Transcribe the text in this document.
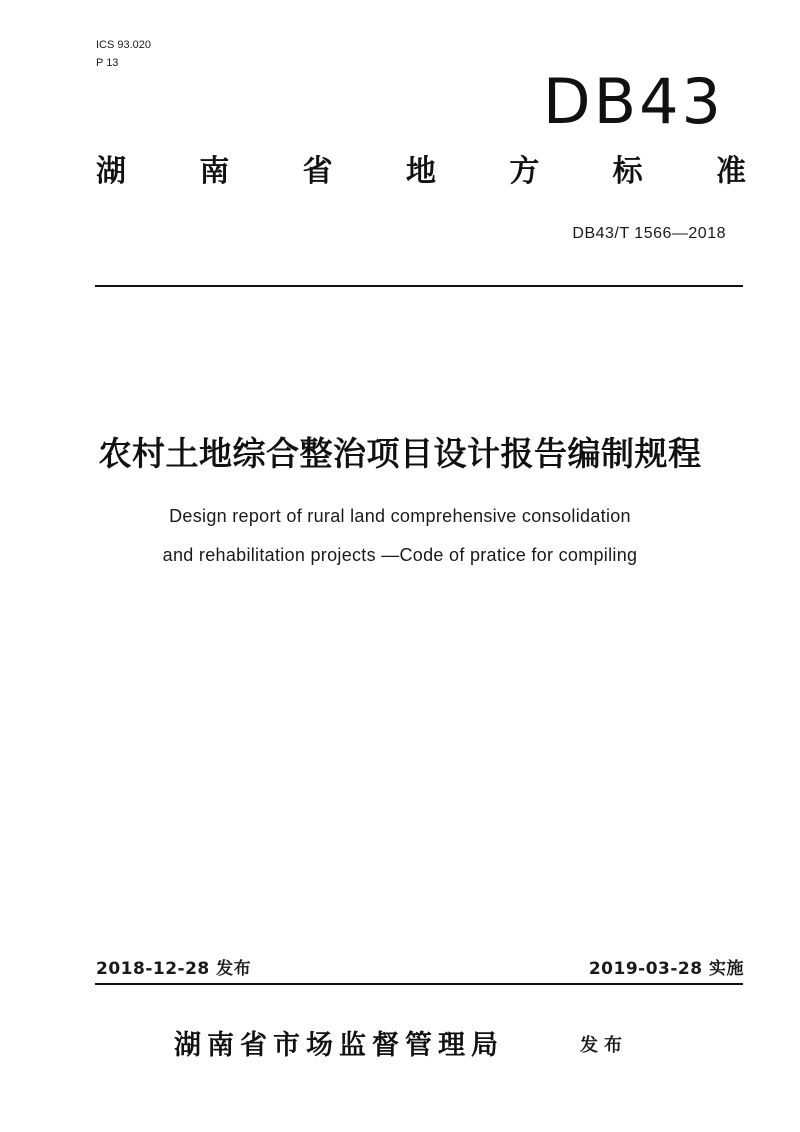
ICS 93.020
P 13
DB43
湖 南 省 地 方 标 准
DB43/T 1566—2018
农村土地综合整治项目设计报告编制规程
Design report of rural land comprehensive consolidation
and rehabilitation projects —Code of pratice for compiling
2018-12-28 发布	2019-03-28 实施
湖南省市场监督管理局	发布
